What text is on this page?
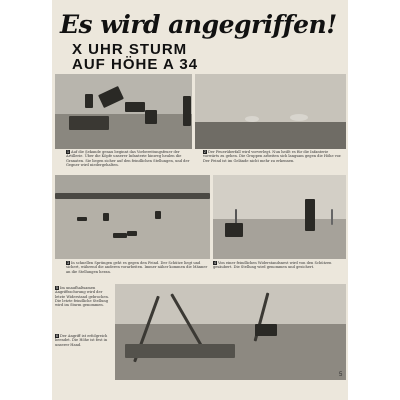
Es wird angegriffen!
X UHR STURM
AUF HÖHE A 34
1 Auf die Sekunde genau beginnt das Vorbereitungsfeuer der Artillerie. Über die Köpfe unserer Infanterie hinweg heulen die Granaten. Sie liegen sicher auf den feindlichen Stellungen, und der Gegner wird niedergehalten.
2 Der Feuerüberfall wird vorverlegt. Nun heißt es für die Infanterie vorwärts zu gehen. Die Gruppen arbeiten sich langsam gegen die Höhe vor. Der Feind ist im Gelände nicht mehr zu erkennen.
3 In schnellen Sprüngen geht es gegen den Feind. Der Schütze liegt und sichert, während die anderen vorarbeiten. Immer näher kommen die Männer an die Stellungen heran.
4 Von einer feindlichen Widerstandsnest wird von den Schützen gesäubert. Die Stellung wird genommen und gesichert.
5 Im unaufhaltsamen Angriffsschwung wird der letzte Widerstand gebrochen. Die letzte feindliche Stellung wird im Sturm genommen.
6 Der Angriff ist erfolgreich beendet. Die Höhe ist fest in unserer Hand.
5
